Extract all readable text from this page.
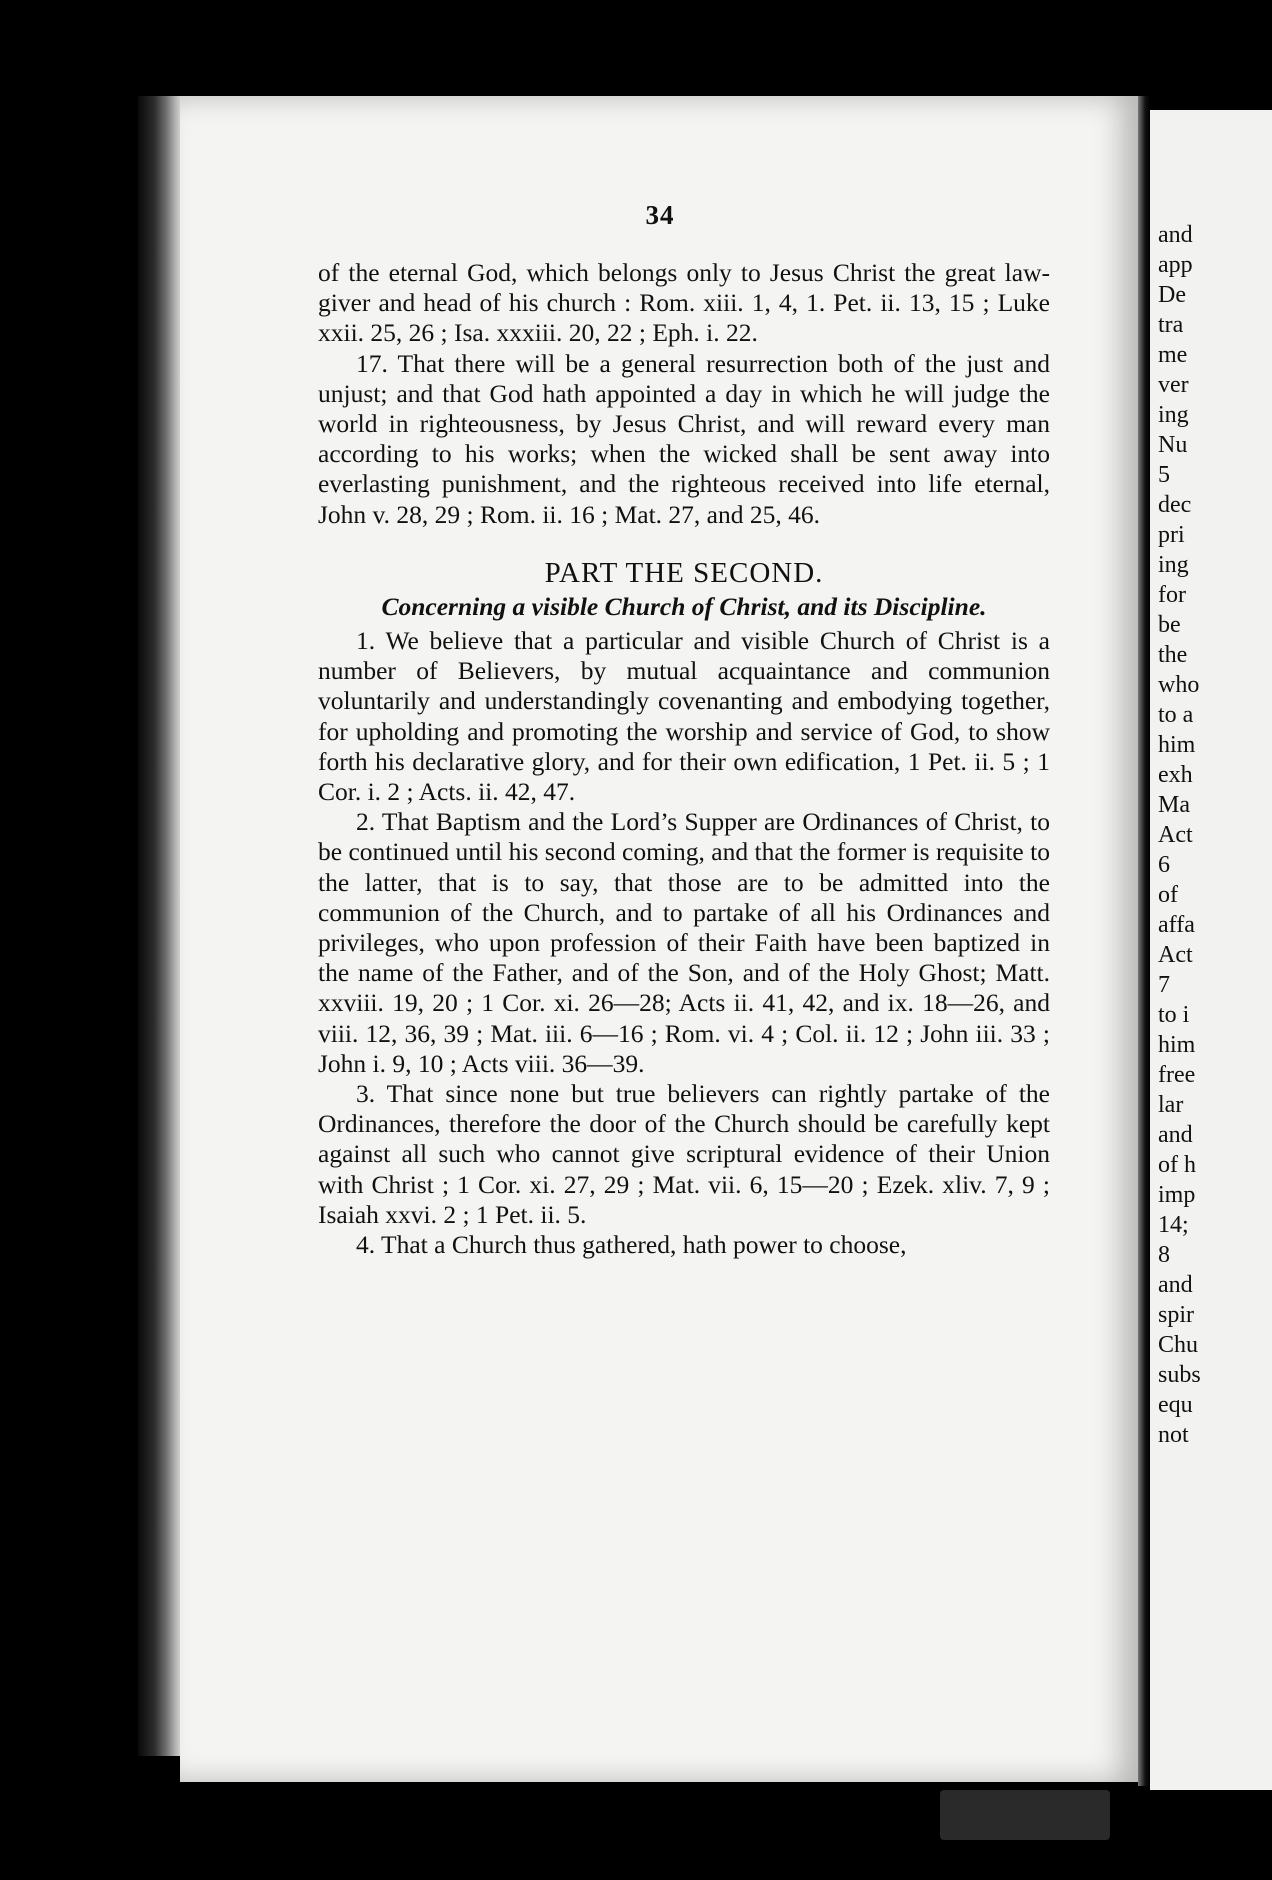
34

of the eternal God, which belongs only to Jesus Christ the great law-giver and head of his church : Rom. xiii. 1, 4, 1. Pet. ii. 13, 15 ; Luke xxii. 25, 26 ; Isa. xxxiii. 20, 22 ; Eph. i. 22.

17. That there will be a general resurrection both of the just and unjust; and that God hath appointed a day in which he will judge the world in righteousness, by Jesus Christ, and will reward every man according to his works; when the wicked shall be sent away into everlasting punishment, and the righteous received into life eternal, John v. 28, 29 ; Rom. ii. 16 ; Mat. 27, and 25, 46.

PART THE SECOND.

Concerning a visible Church of Christ, and its Discipline.

1. We believe that a particular and visible Church of Christ is a number of Believers, by mutual acquaintance and communion voluntarily and understandingly covenanting and embodying together, for upholding and promoting the worship and service of God, to show forth his declarative glory, and for their own edification, 1 Pet. ii. 5 ; 1 Cor. i. 2 ; Acts. ii. 42, 47.

2. That Baptism and the Lord’s Supper are Ordinances of Christ, to be continued until his second coming, and that the former is requisite to the latter, that is to say, that those are to be admitted into the communion of the Church, and to partake of all his Ordinances and privileges, who upon profession of their Faith have been baptized in the name of the Father, and of the Son, and of the Holy Ghost; Matt. xxviii. 19, 20 ; 1 Cor. xi. 26—28; Acts ii. 41, 42, and ix. 18—26, and viii. 12, 36, 39 ; Mat. iii. 6—16 ; Rom. vi. 4 ; Col. ii. 12 ; John iii. 33 ; John i. 9, 10 ; Acts viii. 36—39.

3. That since none but true believers can rightly partake of the Ordinances, therefore the door of the Church should be carefully kept against all such who cannot give scriptural evidence of their Union with Christ ; 1 Cor. xi. 27, 29 ; Mat. vii. 6, 15—20 ; Ezek. xliv. 7, 9 ; Isaiah xxvi. 2 ; 1 Pet. ii. 5.

4. That a Church thus gathered, hath power to choose,

and
app
De
tra
me
ver
ing
Nu
5
dec
pri
ing
for
be
the
who
to a
him
exh
Ma
Act
6
of
affa
Act
7
to i
him
free
lar
and
of h
imp
14;
8
and
spir
Chu
subs
equ
not
